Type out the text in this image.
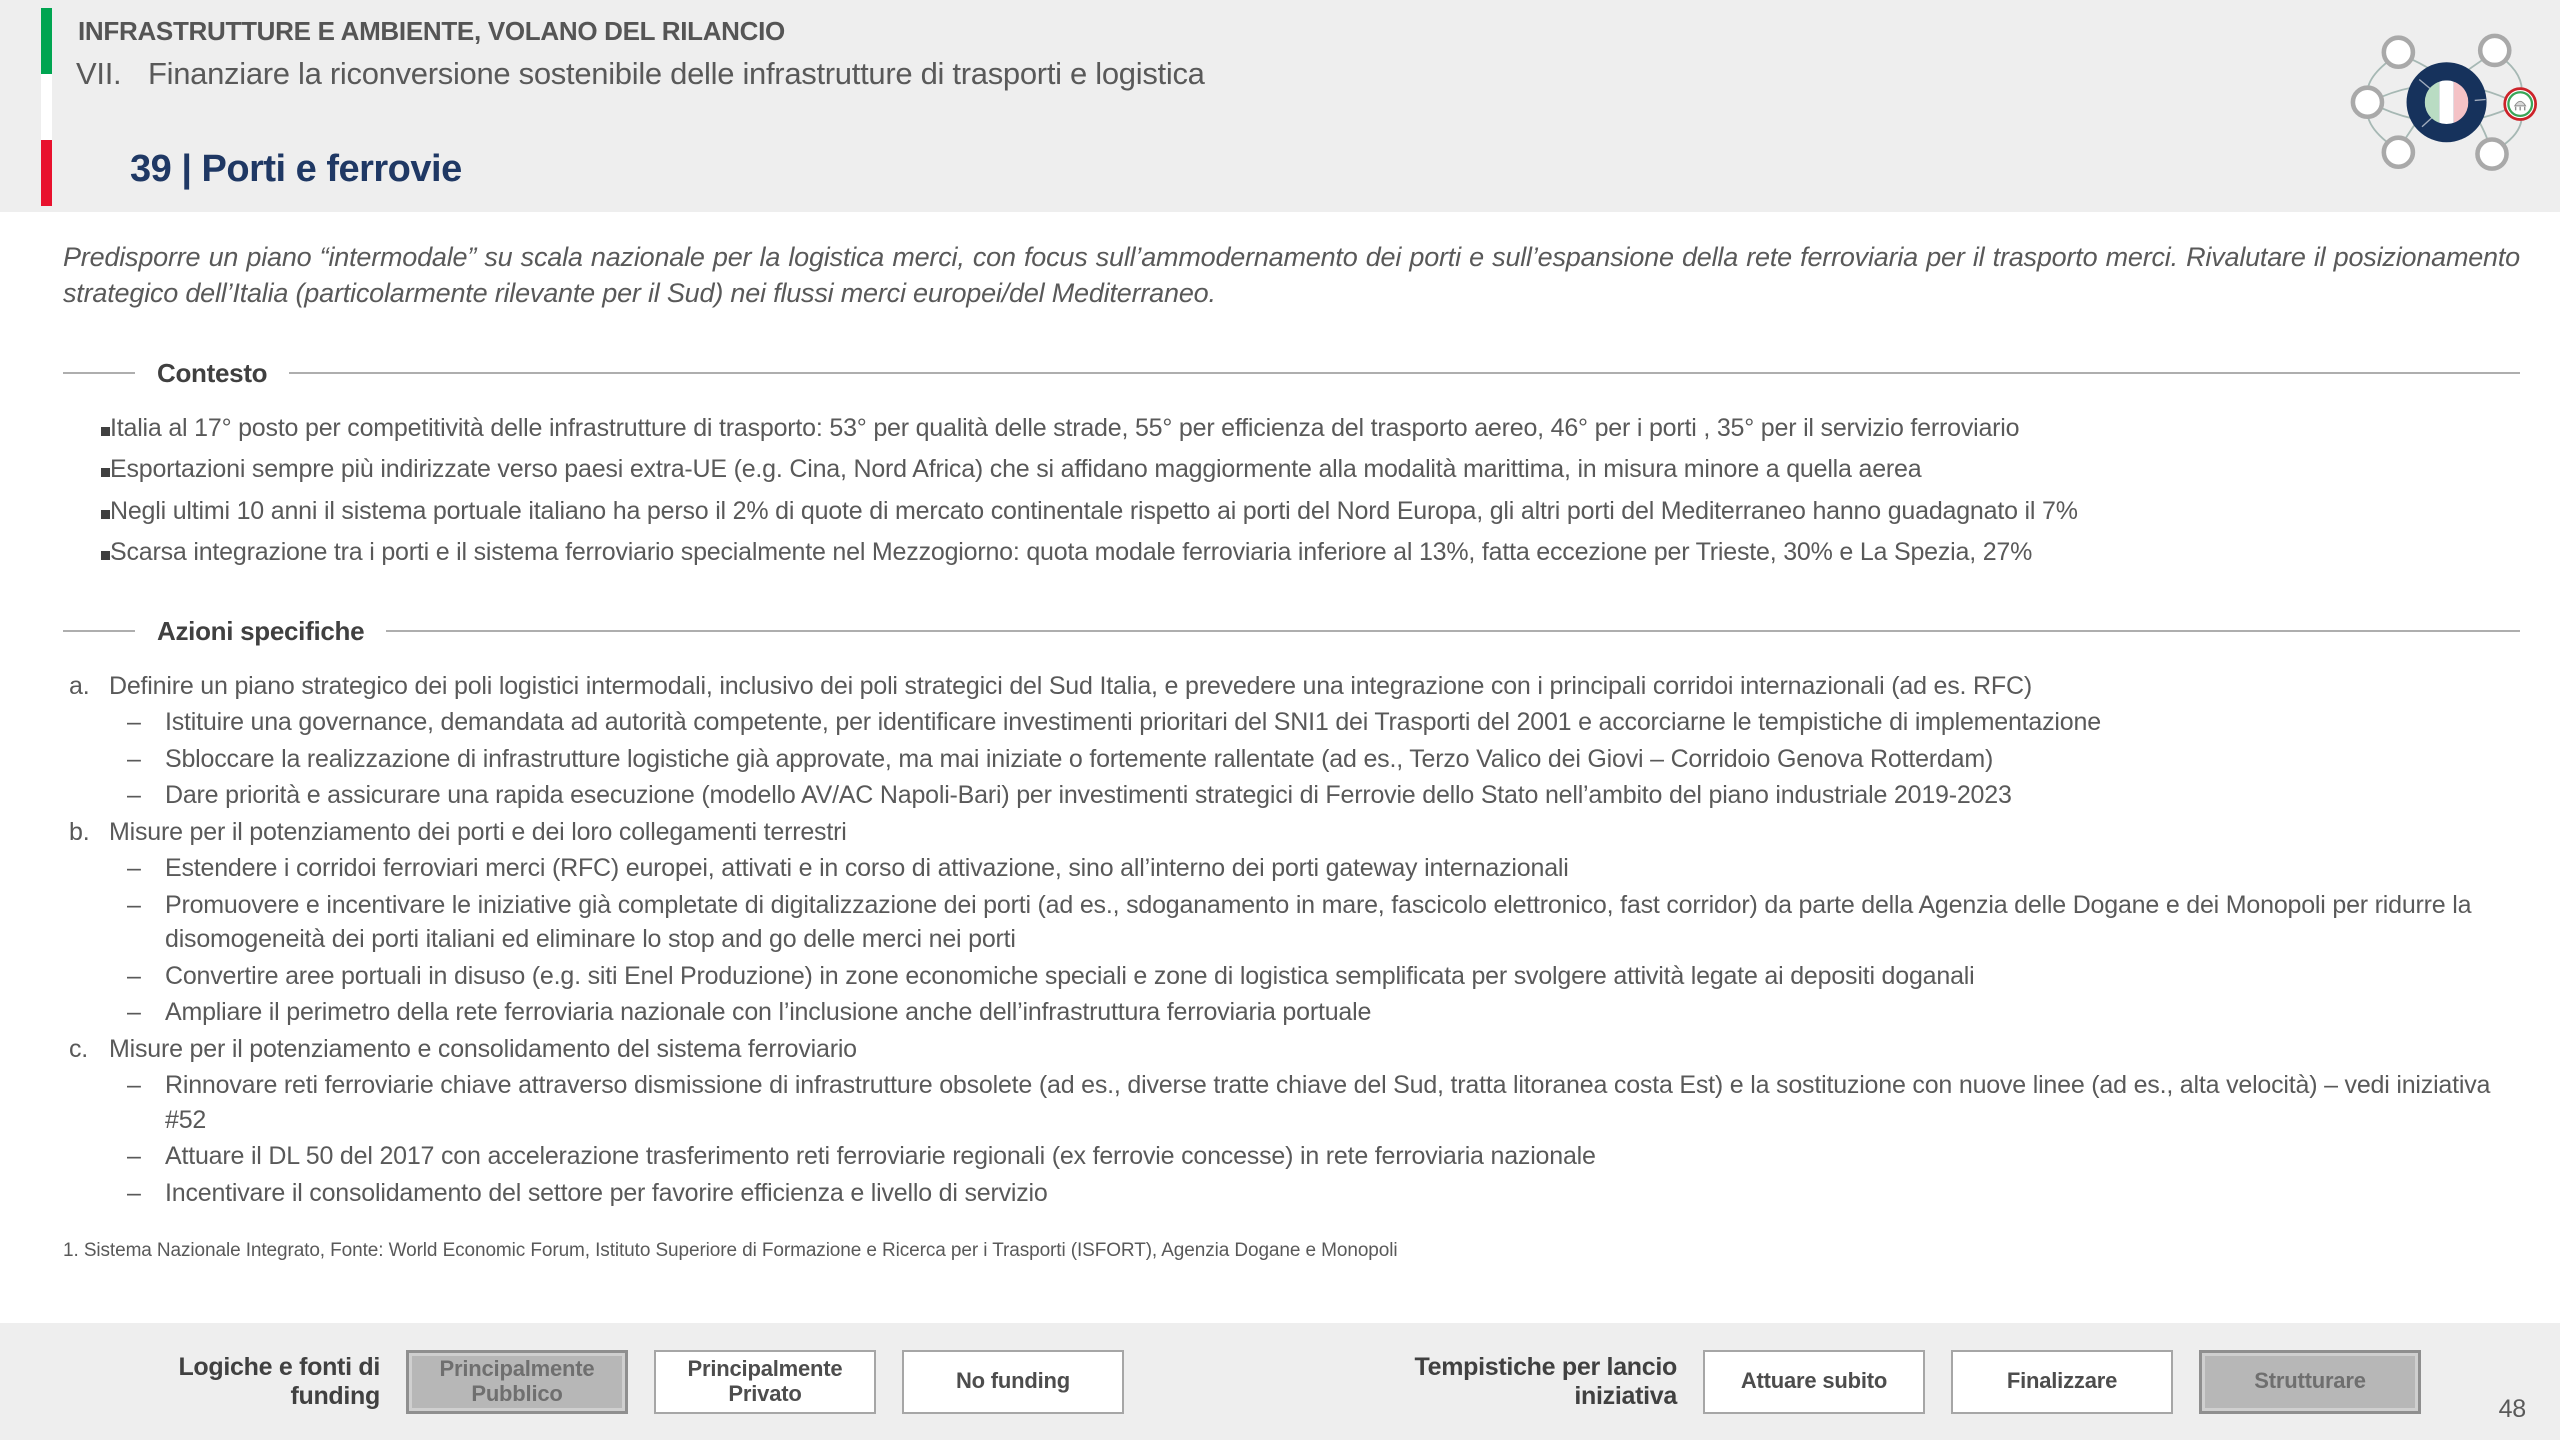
INFRASTRUTTURE E AMBIENTE, VOLANO DEL RILANCIO
VII. Finanziare la riconversione sostenibile delle infrastrutture di trasporti e logistica
39 | Porti e ferrovie

Predisporre un piano “intermodale” su scala nazionale per la logistica merci, con focus sull’ammodernamento dei porti e sull’espansione della rete ferroviaria per il trasporto merci. Rivalutare il posizionamento strategico dell’Italia (particolarmente rilevante per il Sud) nei flussi merci europei/del Mediterraneo.

Contesto
Italia al 17° posto per competitività delle infrastrutture di trasporto: 53° per qualità delle strade, 55° per efficienza del trasporto aereo, 46° per i porti , 35° per il servizio ferroviario
Esportazioni sempre più indirizzate verso paesi extra-UE (e.g. Cina, Nord Africa) che si affidano maggiormente alla modalità marittima, in misura minore a quella aerea
Negli ultimi 10 anni il sistema portuale italiano ha perso il 2% di quote di mercato continentale rispetto ai porti del Nord Europa, gli altri porti del Mediterraneo hanno guadagnato il 7%
Scarsa integrazione tra i porti e il sistema ferroviario specialmente nel Mezzogiorno: quota modale ferroviaria inferiore al 13%, fatta eccezione per Trieste, 30% e La Spezia, 27%
Azioni specifiche
a. Definire un piano strategico dei poli logistici intermodali, inclusivo dei poli strategici del Sud Italia, e prevedere una integrazione con i principali corridoi internazionali (ad es. RFC)
– Istituire una governance, demandata ad autorità competente, per identificare investimenti prioritari del SNI1 dei Trasporti del 2001 e accorciarne le tempistiche di implementazione
– Sbloccare la realizzazione di infrastrutture logistiche già approvate, ma mai iniziate o fortemente rallentate (ad es., Terzo Valico dei Giovi – Corridoio Genova Rotterdam)
– Dare priorità e assicurare una rapida esecuzione (modello AV/AC Napoli-Bari) per investimenti strategici di Ferrovie dello Stato nell’ambito del piano industriale 2019-2023
b. Misure per il potenziamento dei porti e dei loro collegamenti terrestri
– Estendere i corridoi ferroviari merci (RFC) europei, attivati e in corso di attivazione, sino all’interno dei porti gateway internazionali
– Promuovere e incentivare le iniziative già completate di digitalizzazione dei porti (ad es., sdoganamento in mare, fascicolo elettronico, fast corridor) da parte della Agenzia delle Dogane e dei Monopoli per ridurre la disomogeneità dei porti italiani ed eliminare lo stop and go delle merci nei porti
– Convertire aree portuali in disuso (e.g. siti Enel Produzione) in zone economiche speciali e zone di logistica semplificata per svolgere attività legate ai depositi doganali
– Ampliare il perimetro della rete ferroviaria nazionale con l’inclusione anche dell’infrastruttura ferroviaria portuale
c. Misure per il potenziamento e consolidamento del sistema ferroviario
– Rinnovare reti ferroviarie chiave attraverso dismissione di infrastrutture obsolete (ad es., diverse tratte chiave del Sud, tratta litoranea costa Est) e la sostituzione con nuove linee (ad es., alta velocità) – vedi iniziativa #52
– Attuare il DL 50 del 2017 con accelerazione trasferimento reti ferroviarie regionali (ex ferrovie concesse) in rete ferroviaria nazionale
– Incentivare il consolidamento del settore per favorire efficienza e livello di servizio
1. Sistema Nazionale Integrato, Fonte: World Economic Forum, Istituto Superiore di Formazione e Ricerca per i Trasporti (ISFORT), Agenzia Dogane e Monopoli
Logiche e fonti di funding
Principalmente Pubblico
Principalmente Privato	No funding	Tempistiche per lancio iniziativa
Attuare subito	Finalizzare	Strutturare
48
